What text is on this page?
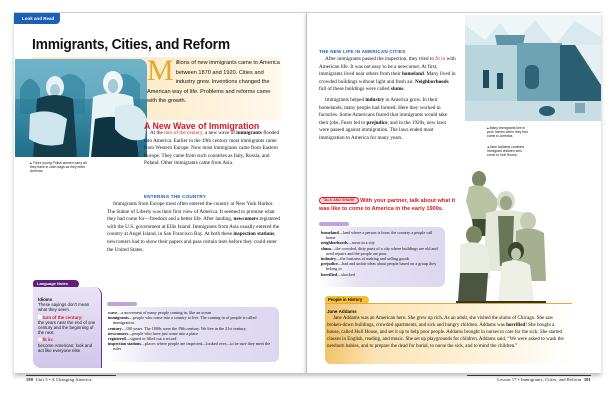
Look and Read
Immigrants, Cities, and Reform
▴ Three young Polish women carry all they have in cloth bags as they enter America.
Millions of new immigrants came to America between 1870 and 1920. Cities and industry grew. Inventions changed the American way of life. Problems and reforms came with the growth.
A New Wave of Immigration

At the turn of the century, a new wave of immigrants flooded into America. Earlier in the 19th century most immigrants came from Western Europe. Now most immigrants came from Eastern Europe. They came from such countries as Italy, Russia, and Poland. Other immigrants came from Asia.

ENTERING THE COUNTRY

Immigrants from Europe most often entered the country at New York Harbor. The Statue of Liberty was their first view of America. It seemed to promise what they had come for—freedom and a better life. After landing, newcomers registered with the U.S. government at Ellis Island. Immigrants from Asia usually entered the country at Angel Island, in San Francisco Bay. At both these inspection stations, newcomers had to show their papers and pass certain tests before they could enter the United States.

Language Notes
Idioms
These sayings don't mean what they seem.
turn of the century:
the years near the end of one century and the beginning of the next
fit in:
become American; look and act like everyone else
wave—a movement of many people coming in, like an ocean
immigrants—people who come into a country to live. The coming in of people is called immigration.
century—100 years. The 1800s were the 19th century. We live in the 21st century.
newcomers—people who have just come into a place
registered—signed or filled out a record
inspection stations—places where people are inspected—looked over—to be sure they meet the rules
180 Unit 5 • A Changing America
THE NEW LIFE IN AMERICAN CITIES

After immigrants passed the inspection, they tried to fit in with American life. It was not easy to be a newcomer. At first, immigrants lived near others from their homeland. Many lived in crowded buildings without light and fresh air. Neighborhoods full of these buildings were called slums.

Immigrants helped industry in America grow. In their homelands, many people had farmed. Here they worked in factories. Some Americans feared that immigrants would take their jobs. Fears led to prejudice, and in the 1920s, new laws were passed against immigration. The laws ended most immigration to America for many years.

TALK AND SHARE With your partner, talk about what it was like to come to America in the early 1900s.
homeland—land where a person is born; the country a people call home
neighborhoods—areas in a city
slums—the crowded, dirty parts of a city where buildings are old and need repairs and the people are poor
industry—the business of making and selling goods
prejudice—bad and unfair ideas about people based on a group they belong to
horrified—shocked
▴ Many immigrants live in poor homes when they first come to America.
◂ Jane Addams comforts immigrant children who come to Hull House.
People in History
Jane Addams

Jane Addams was an American hero. She grew up rich. As an adult, she visited the slums of Chicago. She saw broken-down buildings, crowded apartments, and sick and hungry children. Addams was horrified! She bought a house, called Hull House, and set it up to help poor people. Addams brought in nurses to care for the sick. She started classes in English, reading, and music. She set up playgrounds for children. Addams said, “We were asked to wash the newborn babies, and to prepare the dead for burial, to nurse the sick, and to mind the children.”

Lesson 17 • Immigrants, Cities, and Reform 181
